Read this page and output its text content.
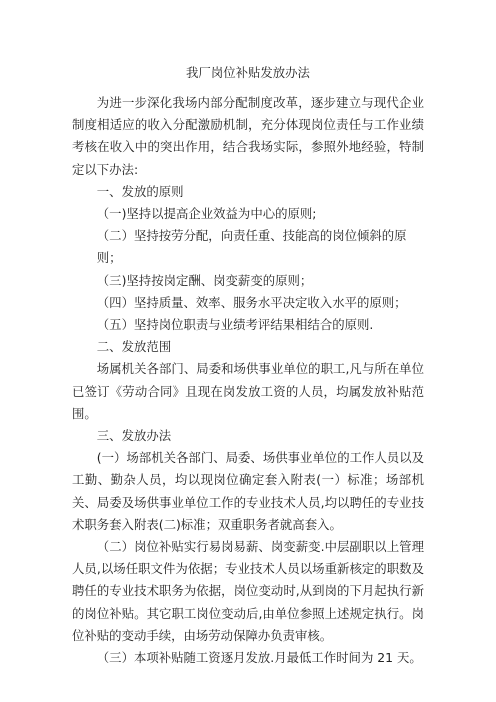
我厂岗位补贴发放办法

为进一步深化我场内部分配制度改革，逐步建立与现代企业制度相适应的收入分配激励机制，充分体现岗位责任与工作业绩考核在收入中的突出作用，结合我场实际，参照外地经验，特制定以下办法:

一、发放的原则

（一)坚持以提高企业效益为中心的原则;

（二）坚持按劳分配，向责任重、技能高的岗位倾斜的原则；

（三)坚持按岗定酬、岗变薪变的原则；

（四）坚持质量、效率、服务水平决定收入水平的原则；

（五）坚持岗位职责与业绩考评结果相结合的原则.

二、发放范围

场属机关各部门、局委和场供事业单位的职工,凡与所在单位已签订《劳动合同》且现在岗发放工资的人员，均属发放补贴范围。

三、发放办法

(一）场部机关各部门、局委、场供事业单位的工作人员以及工勤、勤杂人员，均以现岗位确定套入附表(一）标准；场部机关、局委及场供事业单位工作的专业技术人员,均以聘任的专业技术职务套入附表(二)标准；双重职务者就高套入。

（二）岗位补贴实行易岗易薪、岗变薪变.中层副职以上管理人员,以场任职文件为依据；专业技术人员以场重新核定的职数及聘任的专业技术职务为依据，岗位变动时,从到岗的下月起执行新的岗位补贴。其它职工岗位变动后,由单位参照上述规定执行。岗位补贴的变动手续，由场劳动保障办负责审核。

（三）本项补贴随工资逐月发放.月最低工作时间为 21 天。
